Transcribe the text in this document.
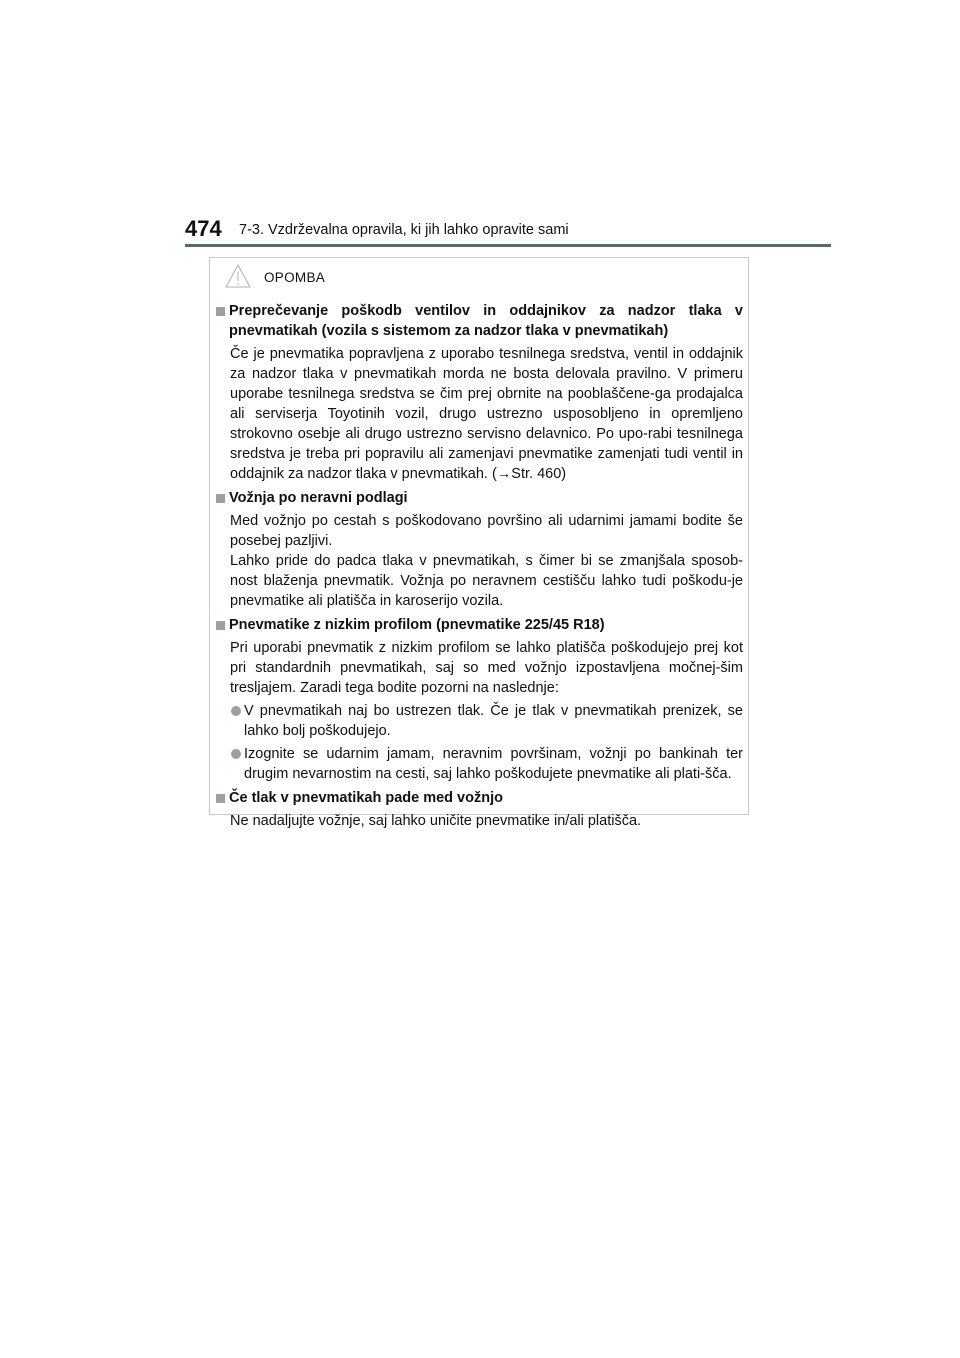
474 7-3. Vzdrževalna opravila, ki jih lahko opravite sami
OPOMBA
Preprečevanje poškodb ventilov in oddajnikov za nadzor tlaka v pnevmatikah (vozila s sistemom za nadzor tlaka v pnevmatikah)
Če je pnevmatika popravljena z uporabo tesnilnega sredstva, ventil in oddajnik za nadzor tlaka v pnevmatikah morda ne bosta delovala pravilno. V primeru uporabe tesnilnega sredstva se čim prej obrnite na pooblaščene-ga prodajalca ali serviserja Toyotinih vozil, drugo ustrezno usposobljeno in opremljeno strokovno osebje ali drugo ustrezno servisno delavnico. Po upo-rabi tesnilnega sredstva je treba pri popravilu ali zamenjavi pnevmatike zamenjati tudi ventil in oddajnik za nadzor tlaka v pnevmatikah. (→Str. 460)
Vožnja po neravni podlagi
Med vožnjo po cestah s poškodovano površino ali udarnimi jamami bodite še posebej pazljivi.
Lahko pride do padca tlaka v pnevmatikah, s čimer bi se zmanjšala sposob-nost blaženja pnevmatik. Vožnja po neravnem cestišču lahko tudi poškodu-je pnevmatike ali platišča in karoserijo vozila.
Pnevmatike z nizkim profilom (pnevmatike 225/45 R18)
Pri uporabi pnevmatik z nizkim profilom se lahko platišča poškodujejo prej kot pri standardnih pnevmatikah, saj so med vožnjo izpostavljena močnej-šim tresljajem. Zaradi tega bodite pozorni na naslednje:
V pnevmatikah naj bo ustrezen tlak. Če je tlak v pnevmatikah prenizek, se lahko bolj poškodujejo.
Izognite se udarnim jamam, neravnim površinam, vožnji po bankinah ter drugim nevarnostim na cesti, saj lahko poškodujete pnevmatike ali plati-šča.
Če tlak v pnevmatikah pade med vožnjo
Ne nadaljujte vožnje, saj lahko uničite pnevmatike in/ali platišča.
